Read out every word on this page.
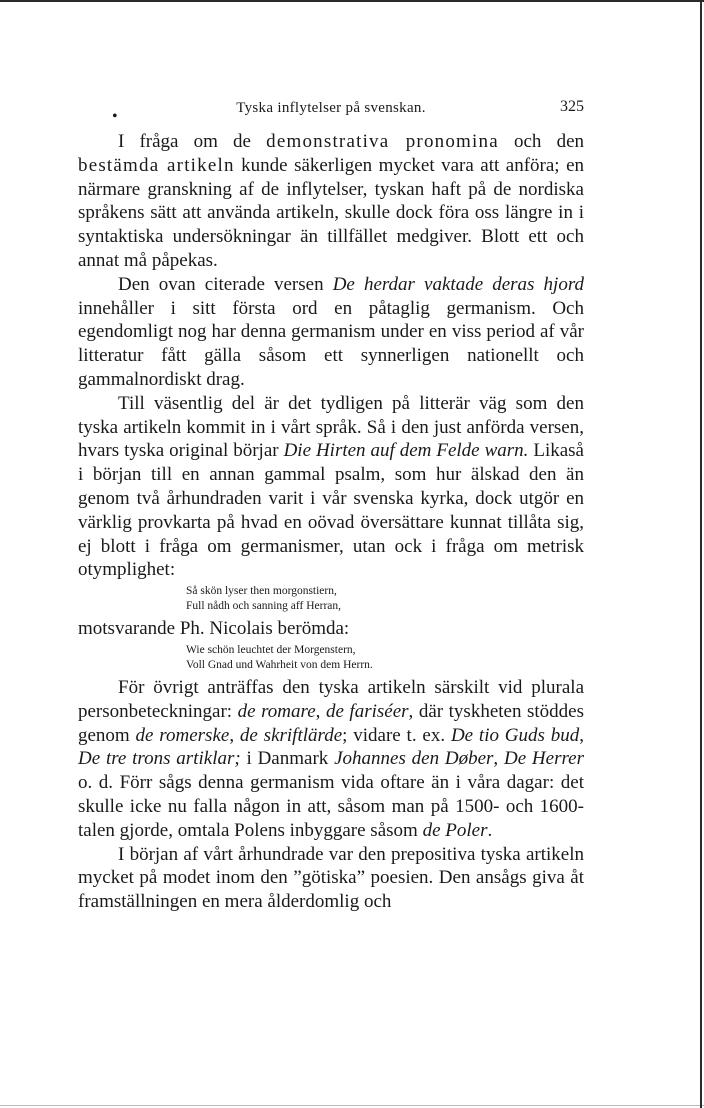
•	Tyska inflytelser på svenskan.	325

I fråga om de demonstrativa pronomina och den bestämda artikeln kunde säkerligen mycket vara att anföra; en närmare granskning af de inflytelser, tyskan haft på de nordiska språkens sätt att använda artikeln, skulle dock föra oss längre in i syntaktiska undersökningar än tillfället medgiver. Blott ett och annat må påpekas.

Den ovan citerade versen De herdar vaktade deras hjord innehåller i sitt första ord en påtaglig germanism. Och egendomligt nog har denna germanism under en viss period af vår litteratur fått gälla såsom ett synnerligen nationellt och gammalnordiskt drag.

Till väsentlig del är det tydligen på litterär väg som den tyska artikeln kommit in i vårt språk. Så i den just anförda versen, hvars tyska original börjar Die Hirten auf dem Felde warn. Likaså i början till en annan gammal psalm, som hur älskad den än genom två århundraden varit i vår svenska kyrka, dock utgör en värklig provkarta på hvad en oövad översättare kunnat tillåta sig, ej blott i fråga om germanismer, utan ock i fråga om metrisk otymplighet:

Så skön lyser then morgonstiern,
Full nådh och sanning aff Herran,

motsvarande Ph. Nicolais berömda:

Wie schön leuchtet der Morgenstern,
Voll Gnad und Wahrheit von dem Herrn.

För övrigt anträffas den tyska artikeln särskilt vid plurala personbeteckningar: de romare, de fariséer, där tyskheten stöddes genom de romerske, de skriftlärde; vidare t. ex. De tio Guds bud, De tre trons artiklar; i Danmark Johannes den Døber, De Herrer o. d. Förr sågs denna germanism vida oftare än i våra dagar: det skulle icke nu falla någon in att, såsom man på 1500- och 1600-talen gjorde, omtala Polens inbyggare såsom de Poler.

I början af vårt århundrade var den prepositiva tyska artikeln mycket på modet inom den ”götiska” poesien. Den ansågs giva åt framställningen en mera ålderdomlig och
